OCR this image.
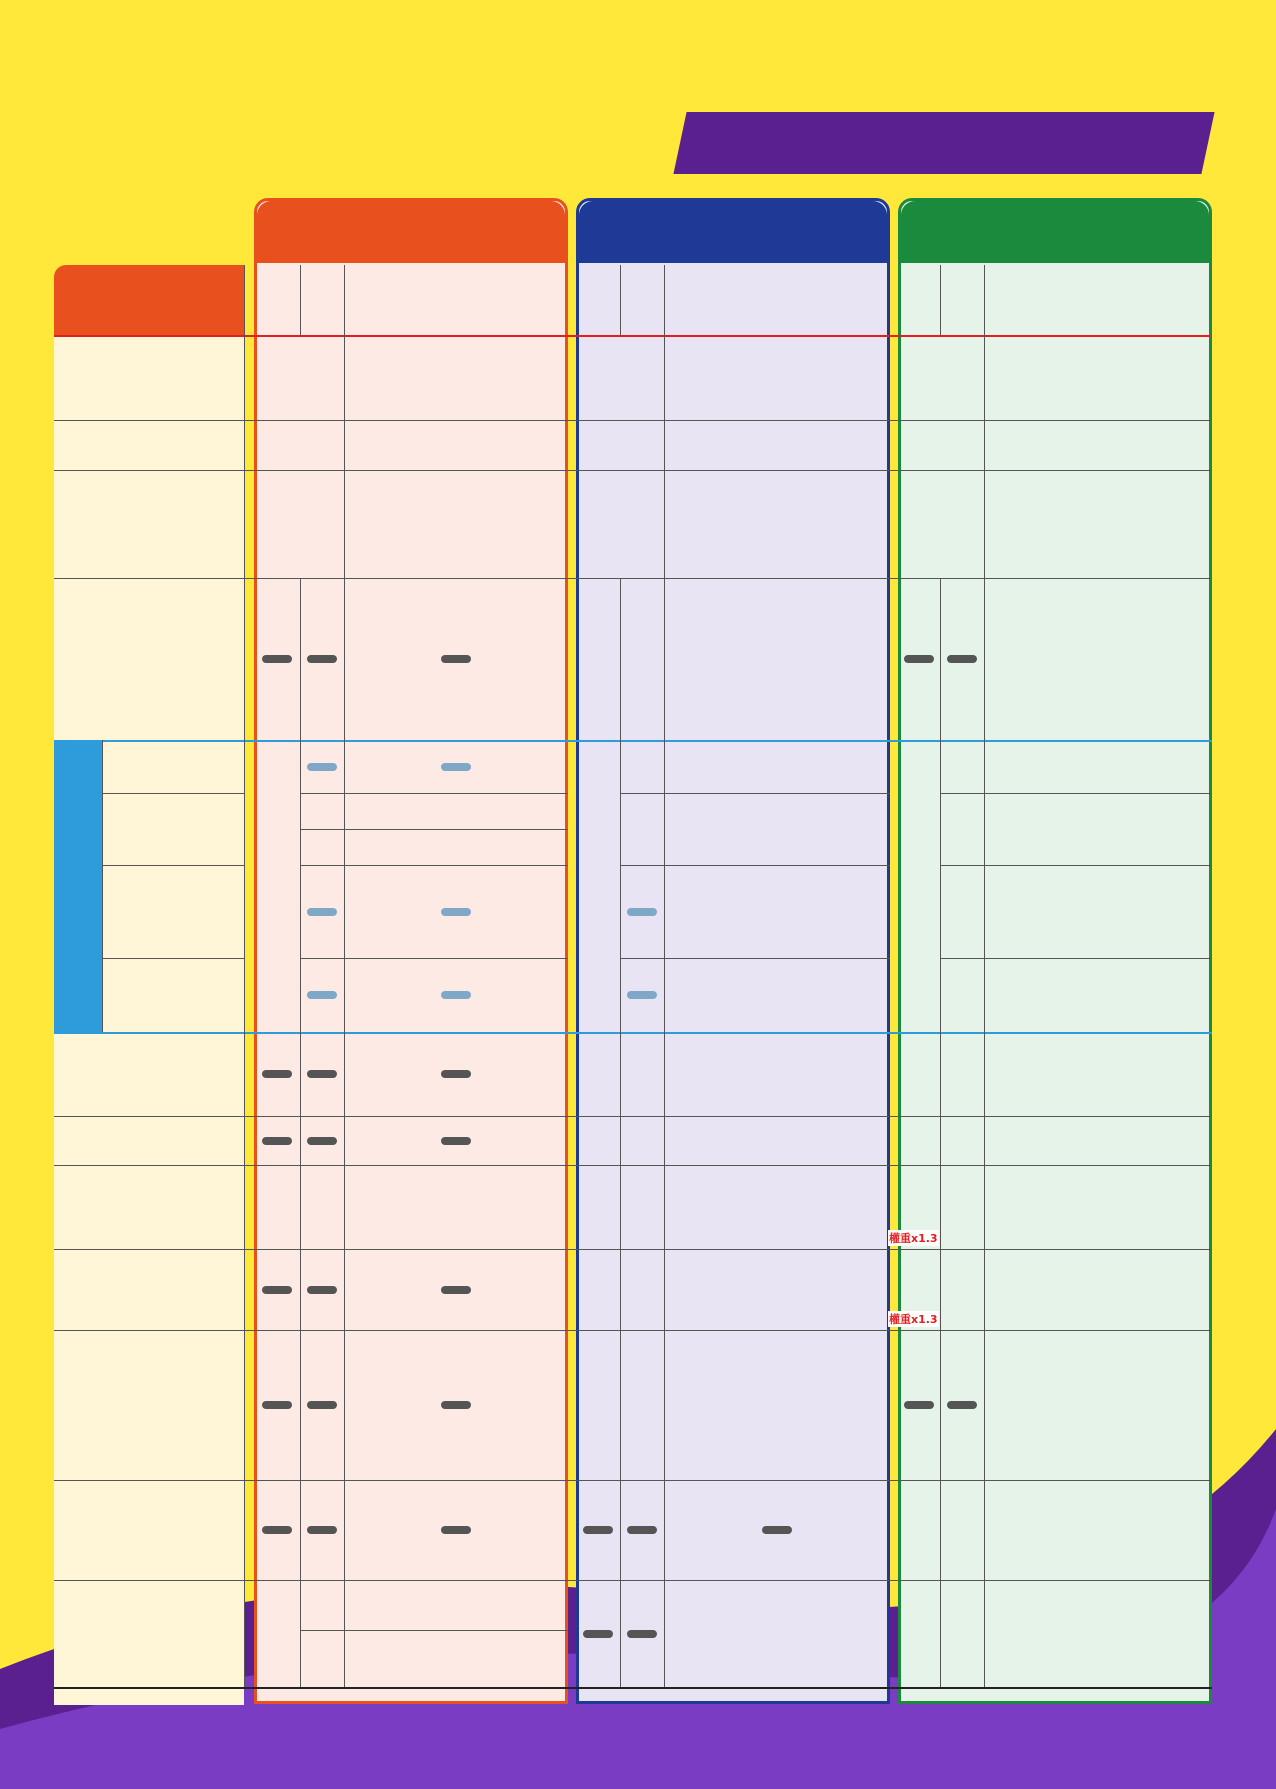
權重x1.3
權重x1.3
